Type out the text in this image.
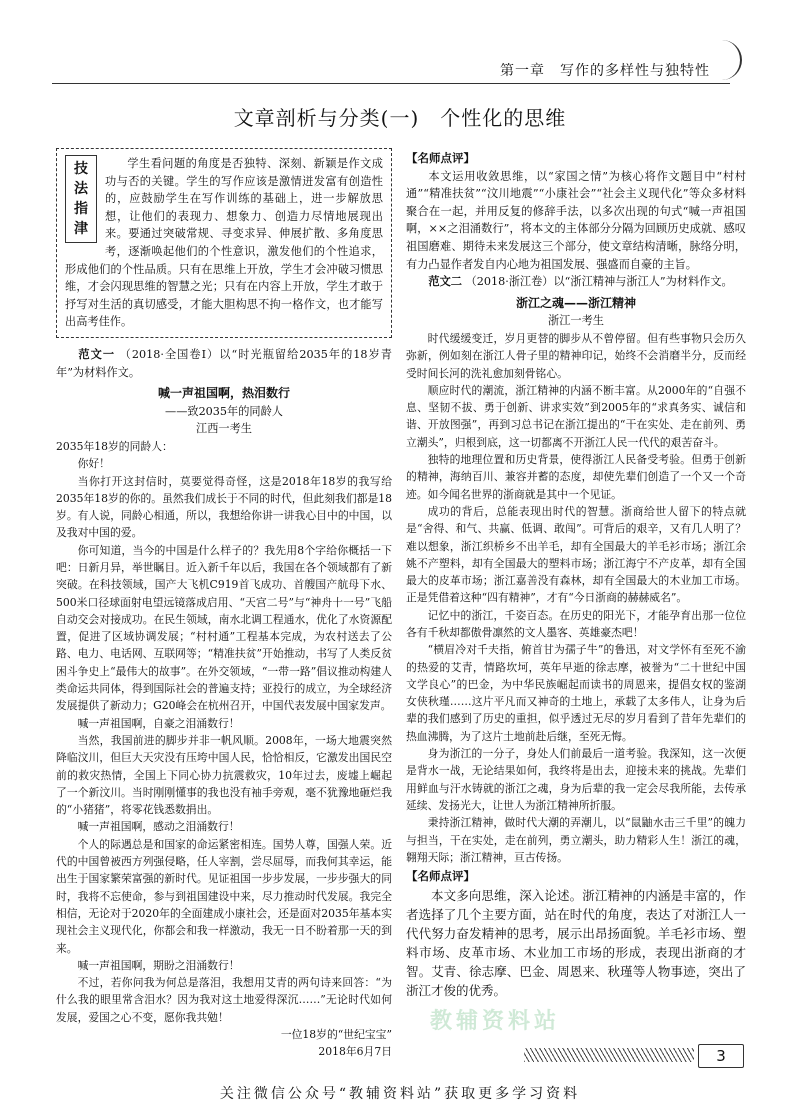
第一章　写作的多样性与独特性
文章剖析与分类(一)　个性化的思维
技法指津
学生看问题的角度是否独特、深刻、新颖是作文成功与否的关键。学生的写作应该是激情迸发富有创造性的，应鼓励学生在写作训练的基础上，进一步解放思想，让他们的表现力、想象力、创造力尽情地展现出来。要通过突破常规、寻变求异、伸展扩散、多角度思考，逐渐唤起他们的个性意识，激发他们的个性追求，形成他们的个性品质。只有在思维上开放，学生才会冲破习惯思维，才会闪现思维的智慧之光；只有在内容上开放，学生才敢于抒写对生活的真切感受，才能大胆构思不拘一格作文，也才能写出高考佳作。

范文一 （2018·全国卷Ⅰ）以“时光瓶留给2035年的18岁青年”为材料作文。

喊一声祖国啊，热泪数行
——致2035年的同龄人
江西一考生

2035年18岁的同龄人：

你好！

当你打开这封信时，莫要觉得奇怪，这是2018年18岁的我写给2035年18岁的你的。虽然我们成长于不同的时代，但此刻我们都是18岁。有人说，同龄心相通，所以，我想给你讲一讲我心目中的中国，以及我对中国的爱。

你可知道，当今的中国是什么样子的？我先用8个字给你概括一下吧：日新月异，举世瞩目。近入新千年以后，我国在各个领域都有了新突破。在科技领域，国产大飞机C919首飞成功、首艘国产航母下水、500米口径球面射电望远镜落成启用、“天宫二号”与“神舟十一号”飞船自动交会对接成功。在民生领域，南水北调工程通水，优化了水资源配置，促进了区域协调发展；“村村通”工程基本完成，为农村送去了公路、电力、电话网、互联网等；“精准扶贫”开始推动，书写了人类反贫困斗争史上“最伟大的故事”。在外交领域，“一带一路”倡议推动构建人类命运共同体，得到国际社会的普遍支持；亚投行的成立，为全球经济发展提供了新动力；G20峰会在杭州召开，中国代表发展中国家发声。

喊一声祖国啊，自豪之泪涌数行！

当然，我国前进的脚步并非一帆风顺。2008年，一场大地震突然降临汶川，但巨大天灾没有压垮中国人民，恰恰相反，它激发出国民空前的救灾热情，全国上下同心协力抗震救灾，10年过去，废墟上崛起了一个新汶川。当时刚刚懂事的我也没有袖手旁观，毫不犹豫地砸烂我的“小猪猪”，将零花钱悉数捐出。

喊一声祖国啊，感动之泪涌数行！

个人的际遇总是和国家的命运紧密相连。国势人尊，国强人荣。近代的中国曾被西方列强侵略，任人宰割，尝尽屈辱，而我何其幸运，能出生于国家繁荣富强的新时代。见证祖国一步步发展，一步步强大的同时，我将不忘使命，参与到祖国建设中来，尽力推动时代发展。我完全相信，无论对于2020年的全面建成小康社会，还是面对2035年基本实现社会主义现代化，你都会和我一样激动，我无一日不盼着那一天的到来。

喊一声祖国啊，期盼之泪涌数行！

不过，若你问我为何总是落泪，我想用艾青的两句诗来回答：“为什么我的眼里常含泪水？因为我对这土地爱得深沉……”无论时代如何发展，爱国之心不变，愿你我共勉！

一位18岁的“世纪宝宝”

2018年6月7日

【名师点评】

本文运用收敛思维，以“家国之情”为核心将作文题目中“村村通”“精准扶贫”“汶川地震”“小康社会”“社会主义现代化”等众多材料聚合在一起，并用反复的修辞手法，以多次出现的句式“喊一声祖国啊，××之泪涌数行”，将本文的主体部分分隔为回顾历史成就、感叹祖国磨难、期待未来发展这三个部分，使文章结构清晰，脉络分明，有力凸显作者发自内心地为祖国发展、强盛而自豪的主旨。

范文二 （2018·浙江卷）以“浙江精神与浙江人”为材料作文。

浙江之魂——浙江精神
浙江一考生

时代缓缓变迁，岁月更替的脚步从不曾停留。但有些事物只会历久弥新，例如刻在浙江人骨子里的精神印记，始终不会消磨半分，反而经受时间长河的洗礼愈加刻骨铭心。

顺应时代的潮流，浙江精神的内涵不断丰富。从2000年的“自强不息、坚韧不拔、勇于创新、讲求实效”到2005年的“求真务实、诚信和谐、开放图强”，再到习总书记在浙江提出的“干在实处、走在前列、勇立潮头”，归根到底，这一切都离不开浙江人民一代代的艰苦奋斗。

独特的地理位置和历史背景，使得浙江人民备受考验。但勇于创新的精神，海纳百川、兼容并蓄的态度，却使先辈们创造了一个又一个奇迹。如今闻名世界的浙商就是其中一个见证。

成功的背后，总能表现出时代的智慧。浙商给世人留下的特点就是“舍得、和气、共赢、低调、敢闯”。可背后的艰辛，又有几人明了？难以想象，浙江织桥乡不出羊毛，却有全国最大的羊毛衫市场；浙江余姚不产塑料，却有全国最大的塑料市场；浙江海宁不产皮革，却有全国最大的皮革市场；浙江嘉善没有森林，却有全国最大的木业加工市场。正是凭借着这种“四有精神”，才有“今日浙商的赫赫威名”。

记忆中的浙江，千姿百态。在历史的阳光下，才能孕育出那一位位各有千秋却都傲骨凛然的文人墨客、英雄豪杰吧！

“横眉冷对千夫指，俯首甘为孺子牛”的鲁迅，对文学怀有至死不渝的热爱的艾青，情路坎坷，英年早逝的徐志摩，被誉为“二十世纪中国文学良心”的巴金，为中华民族崛起而读书的周恩来，提倡女权的鉴湖女侠秋瑾……这片平凡而又神奇的土地上，承载了太多伟人，让身为后辈的我们感到了历史的重担，似乎透过无尽的岁月看到了昔年先辈们的热血沸腾，为了这片土地前赴后继，至死无悔。

身为浙江的一分子，身处人们前最后一道考验。我深知，这一次便是背水一战，无论结果如何，我终将是出去，迎接未来的挑战。先辈们用鲜血与汗水铸就的浙江之魂，身为后辈的我一定会尽我所能，去传承延续、发扬光大，让世人为浙江精神所折服。

秉持浙江精神，做时代大潮的弄潮儿，以“鼠鼬水击三千里”的魄力与担当，干在实处，走在前列，勇立潮头，助力精彩人生！浙江的魂，翱翔天际；浙江精神，亘古传扬。

【名师点评】

本文多向思维，深入论述。浙江精神的内涵是丰富的，作者选择了几个主要方面，站在时代的角度，表达了对浙江人一代代努力奋发精神的思考，展示出昂扬面貌。羊毛衫市场、塑料市场、皮革市场、木业加工市场的形成，表现出浙商的才智。艾青、徐志摩、巴金、周恩来、秋瑾等人物事迹，突出了浙江才俊的优秀。

教辅资料站
3
关注微信公众号“教辅资料站”获取更多学习资料
